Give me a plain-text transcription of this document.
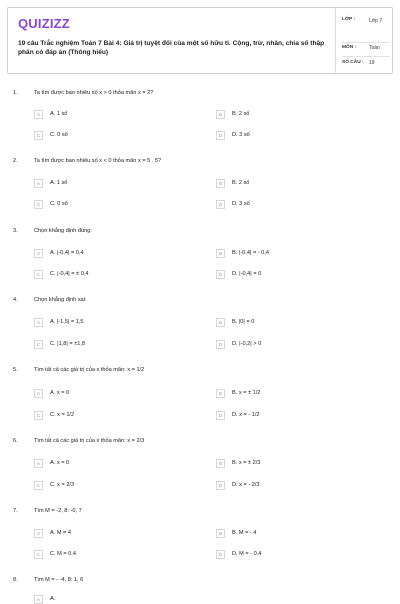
QUIZIZZ
19 câu Trắc nghiệm Toán 7 Bài 4: Giá trị tuyệt đối của một số hữu tỉ. Cộng, trừ, nhân, chia số thập phân có đáp án (Thông hiểu)
LỚP :	Lớp 7
MÔN :	Toán
SỐ CÂU : 19
1.	Ta tìm được bao nhiêu số x > 0 thỏa mãn x = 2?
A	A. 1 số	B	B. 2 số
C	C. 0 số	D	D. 3 số
2.	Ta tìm được bao nhiêu số x < 0 thỏa mãn x = 5 . 5?
A	A. 1 số	B	B. 2 số
C	C. 0 số	D	D. 3 số
3.	Chọn khẳng định đúng:
A	A. |-0,4| = 0,4	B	B. |-0,4| = - 0,4
C	C. |-0,4| = ± 0,4	D	D. |-0,4| = 0
4.	Chọn khẳng định sai:
A	A. |-1,5| = 1,5	B	B. |0| = 0
C	C. |1,8| = ±1,8	D	D. |-0,2| > 0
5.	Tìm tất cả các giá trị của x thỏa mãn: x = 1/2
A	A. x = 0	B	B. x = ± 1/2
C	C. x = 1/2	D	D. x = - 1/2
6.	Tìm tất cả các giá trị của x thỏa mãn: x = 2/3
A	A. x = 0	B	B. x = ± 2/3
C	C. x = 2/3	D	D. x = - 2/3
7.	Tìm M = -2, 8: -0, 7
A	A. M = 4	B	B. M = - 4
C	C. M = 0.4	D	D. M = - 0.4
8.	Tìm M = - -4, 8: 1, 6
A	A.
